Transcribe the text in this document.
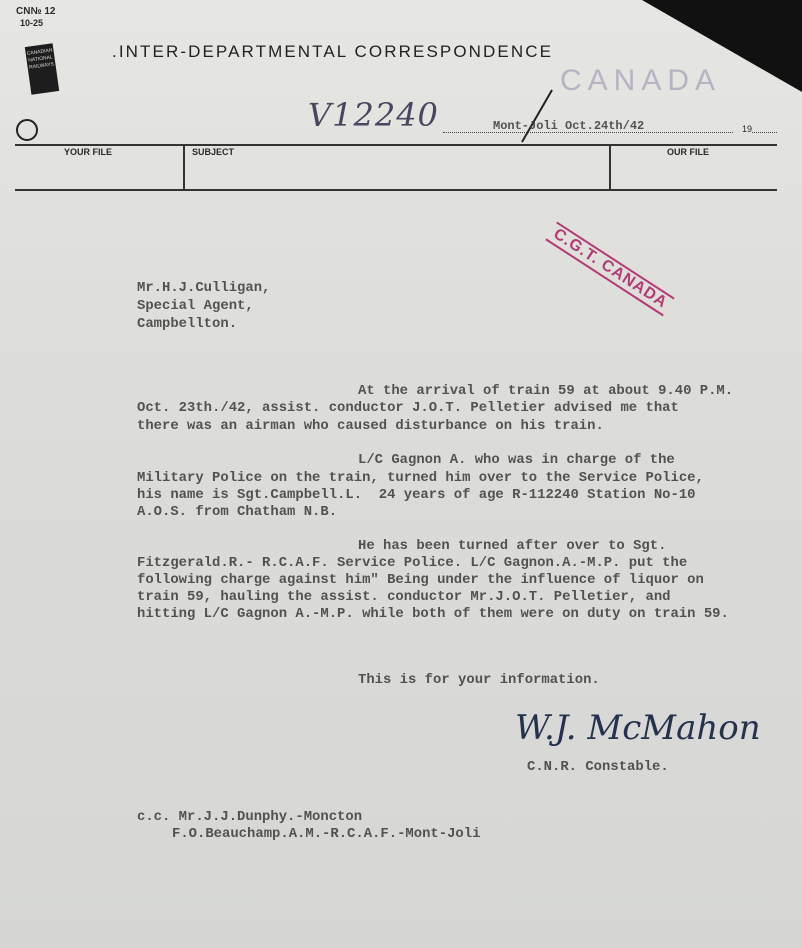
CN№ 12
10-25
CANADIAN NATIONAL RAILWAYS
.INTER-DEPARTMENTAL CORRESPONDENCE
CANADA
V12240	Mont-Joli Oct.24th/42	19
YOUR FILE	SUBJECT	OUR FILE
C.G.T. CANADA
Mr.H.J.Culligan,
Special Agent,
Campbellton.
At the arrival of train 59 at about 9.40 P.M.
Oct. 23th./42, assist. conductor J.O.T. Pelletier advised me that
there was an airman who caused disturbance on his train.
L/C Gagnon A. who was in charge of the
Military Police on the train, turned him over to the Service Police,
his name is Sgt.Campbell.L.  24 years of age R-112240 Station No-10
A.O.S. from Chatham N.B.
He has been turned after over to Sgt.
Fitzgerald.R.- R.C.A.F. Service Police. L/C Gagnon.A.-M.P. put the
following charge against him" Being under the influence of liquor on
train 59, hauling the assist. conductor Mr.J.O.T. Pelletier, and
hitting L/C Gagnon A.-M.P. while both of them were on duty on train 59.
This is for your information.
W.J. McMahon
C.N.R. Constable.
c.c. Mr.J.J.Dunphy.-Moncton
F.O.Beauchamp.A.M.-R.C.A.F.-Mont-Joli
